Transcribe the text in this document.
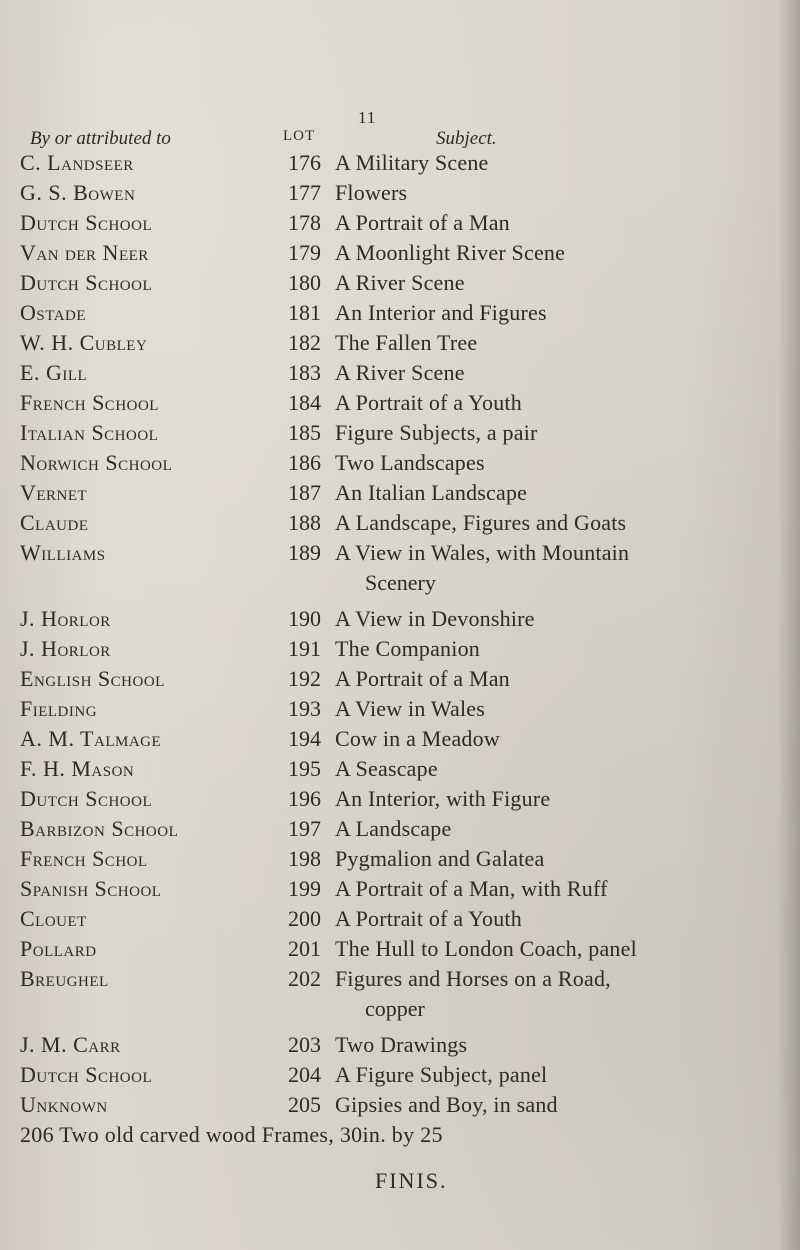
11
By or attributed to	LOT	Subject.
C. Landseer	176 A Military Scene
G. S. Bowen	177 Flowers
Dutch School	178 A Portrait of a Man
Van der Neer	179 A Moonlight River Scene
Dutch School	180 A River Scene
Ostade	181 An Interior and Figures
W. H. Cubley	182 The Fallen Tree
E. Gill	183 A River Scene
French School	184 A Portrait of a Youth
Italian School	185 Figure Subjects, a pair
Norwich School	186 Two Landscapes
Vernet	187 An Italian Landscape
Claude	188 A Landscape, Figures and Goats
Williams	189 A View in Wales, with Mountain
Scenery
J. Horlor	190 A View in Devonshire
J. Horlor	191 The Companion
English School	192 A Portrait of a Man
Fielding	193 A View in Wales
A. M. Talmage	194 Cow in a Meadow
F. H. Mason	195 A Seascape
Dutch School	196 An Interior, with Figure
Barbizon School	197 A Landscape
French Schol	198 Pygmalion and Galatea
Spanish School	199 A Portrait of a Man, with Ruff
Clouet	200 A Portrait of a Youth
Pollard	201 The Hull to London Coach, panel
Breughel	202 Figures and Horses on a Road,
copper
J. M. Carr	203 Two Drawings
Dutch School	204 A Figure Subject, panel
Unknown	205 Gipsies and Boy, in sand
206 Two old carved wood Frames, 30in. by 25
FINIS.
